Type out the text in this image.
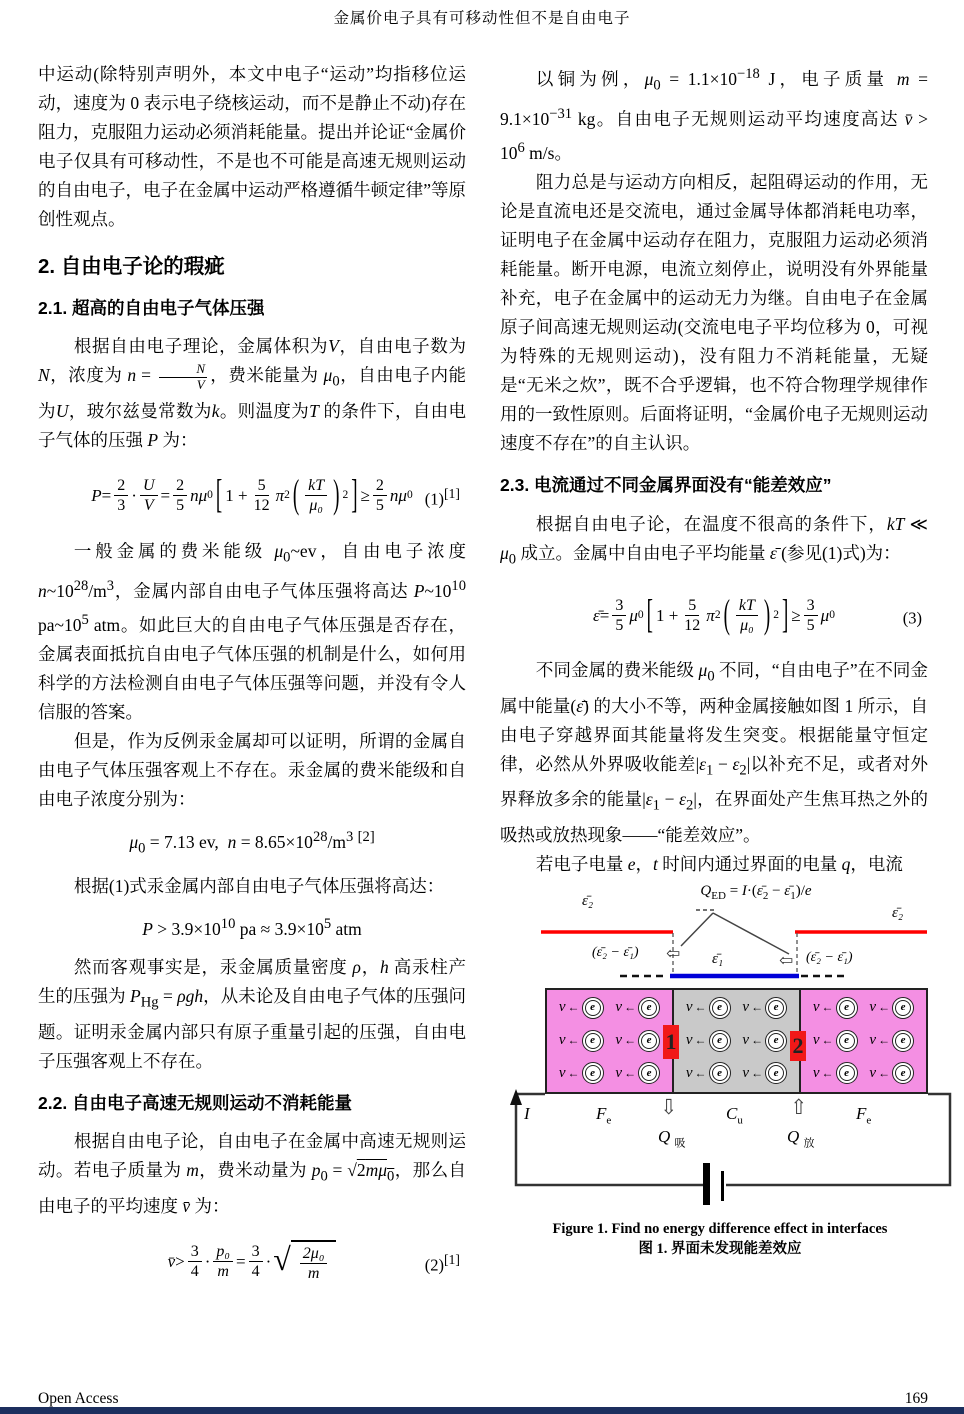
金属价电子具有可移动性但不是自由电子

中运动(除特别声明外，本文中电子“运动”均指移位运动，速度为 0 表示电子绕核运动，而不是静止不动)存在阻力，克服阻力运动必须消耗能量。提出并论证“金属价电子仅具有可移动性，不是也不可能是高速无规则运动的自由电子，电子在金属中运动严格遵循牛顿定律”等原创性观点。

2. 自由电子论的瑕疵
2.1. 超高的自由电子气体压强

根据自由电子理论，金属体积为V，自由电子数为 N，浓度为 $n = \frac{N}{V}$ ，费米能量为 $\mu_0$，自由电子内能为U，玻尔兹曼常数为k。则温度为T 的条件下，自由电子气体的压强 P 为：

$P = \frac{2}{3} \cdot \frac{U}{V} = \frac{2}{5}$ nμ 0 [ $1 + \frac{5}{12}$ π 2 ( $\frac{kT}{\text{μ₀}}$ ) 2 ] ≥ $\frac{2}{5}$ nμ 0 (1)[1]

一般金属的费米能级 $\mu_0\sim ev$，自由电子浓度 $n\sim 10^{28}/m^3$，金属内部自由电子气体压强将高达 $P\sim 10^{10}$ $pa\sim 10^5$ atm。如此巨大的自由电子气体压强是否存在，金属表面抵抗自由电子气体压强的机制是什么，如何用科学的方法检测自由电子气体压强等问题，并没有令人信服的答案。

但是，作为反例汞金属却可以证明，所谓的金属自由电子气体压强客观上不存在。汞金属的费米能级和自由电子浓度分别为：

$\mu_0 = 7.13$ ev,  $n = 8.65\times 10^{28}/m^3$ [2]

根据(1)式汞金属内部自由电子气体压强将高达：

$P > 3.9\times 10^{10}$ pa ≈ $3.9\times 10^5$ atm

然而客观事实是，汞金属质量密度 ρ，h 高汞柱产生的压强为 $P_{Hg} = \rho gh$，从未论及自由电子气体的压强问题。证明汞金属内部只有原子重量引起的压强，自由电子压强客观上不存在。

2.2. 自由电子高速无规则运动不消耗能量

根据自由电子论，自由电子在金属中高速无规则运动。若电子质量为 m，费米动量为 $p_0 = √2m\mu_0$，那么自由电子的平均速度 v̄ 为：

v̄ > $\frac{3}{4} \cdot \frac{\text{p₀}}{m} = \frac{3}{4}$ · √ $\frac{\text{2μ₀}}{m}$	(2)[1]

以铜为例，$\mu_0 = 1.1\times 10^{-18}$ J，电子质量 $m = 9.1\times 10^{-31}$ kg。自由电子无规则运动平均速度高达 v̄ > $10^6$ m/s。

阻力总是与运动方向相反，起阻碍运动的作用，无论是直流电还是交流电，通过金属导体都消耗电功率，证明电子在金属中运动存在阻力，克服阻力运动必须消耗能量。断开电源，电流立刻停止，说明没有外界能量补充，电子在金属中的运动无力为继。自由电子在金属原子间高速无规则运动(交流电电子平均位移为 0，可视为特殊的无规则运动)，没有阻力不消耗能量，无疑是“无米之炊”，既不合乎逻辑，也不符合物理学规律作用的一致性原则。后面将证明，“金属价电子无规则运动速度不存在”的自主认识。

2.3. 电流通过不同金属界面没有“能差效应”

根据自由电子论，在温度不很高的条件下，kT ≪ $\mu_0$ 成立。金属中自由电子平均能量 ε̄ (参见(1)式)为：

ε̄ = $\frac{3}{5}$ μ 0 [ $1 + \frac{5}{12}$ π 2 ( $\frac{kT}{\text{μ₀}}$ ) 2 ] ≥ $\frac{3}{5}$ μ 0	(3)

不同金属的费米能级 $\mu_0$ 不同，“自由电子”在不同金属中能量(ε̄) 的大小不等，两种金属接触如图 1 所示，自由电子穿越界面其能量将发生突变。根据能量守恒定律，必然从外界吸收能差$|\varepsilon_1 - \varepsilon_2|$以补充不足，或者对外界释放多余的能量$|\varepsilon_1 - \varepsilon_2|$，在界面处产生焦耳热之外的吸热或放热现象——“能差效应”。

若电子电量 e，t 时间内通过界面的电量 q，电流

ε̄₂
$Q_{ED}$ = $I\cdot(\varepsilon̄_2$ − $\varepsilon̄_1)/e$
ε̄₂
(ε̄₂ − ε̄₁)	ε̄₁	(ε̄₂ − ε̄₁)
⇦	⇦
v ← e	v ← e
v ← e	v ← e
v ← e	v ← e
v ← e	v ← e
v ← e	v ← e
v ← e	v ← e
v ← e	v ← e
v ← e	v ← e
v ← e	v ← e
1	2
I	$F_e$
⇩
Q $_吸$
$C_u$
⇧
Q $_放$
$F_e$
Figure 1. Find no energy difference effect in interfaces
图 1. 界面未发现能差效应
Open Access	169
